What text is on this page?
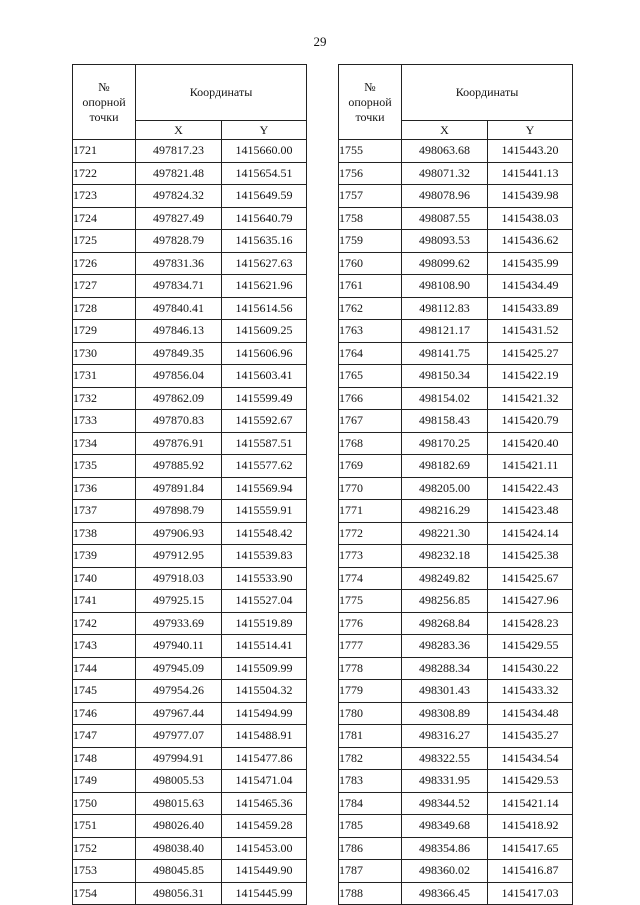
29
№
опорной
точки	Координаты	
	X	Y
1721	497817.23	1415660.00
1722	497821.48	1415654.51
1723	497824.32	1415649.59
1724	497827.49	1415640.79
1725	497828.79	1415635.16
1726	497831.36	1415627.63
1727	497834.71	1415621.96
1728	497840.41	1415614.56
1729	497846.13	1415609.25
1730	497849.35	1415606.96
1731	497856.04	1415603.41
1732	497862.09	1415599.49
1733	497870.83	1415592.67
1734	497876.91	1415587.51
1735	497885.92	1415577.62
1736	497891.84	1415569.94
1737	497898.79	1415559.91
1738	497906.93	1415548.42
1739	497912.95	1415539.83
1740	497918.03	1415533.90
1741	497925.15	1415527.04
1742	497933.69	1415519.89
1743	497940.11	1415514.41
1744	497945.09	1415509.99
1745	497954.26	1415504.32
1746	497967.44	1415494.99
1747	497977.07	1415488.91
1748	497994.91	1415477.86
1749	498005.53	1415471.04
1750	498015.63	1415465.36
1751	498026.40	1415459.28
1752	498038.40	1415453.00
1753	498045.85	1415449.90
1754	498056.31	1415445.99
№
опорной
точки	Координаты	
	X	Y
1755	498063.68	1415443.20
1756	498071.32	1415441.13
1757	498078.96	1415439.98
1758	498087.55	1415438.03
1759	498093.53	1415436.62
1760	498099.62	1415435.99
1761	498108.90	1415434.49
1762	498112.83	1415433.89
1763	498121.17	1415431.52
1764	498141.75	1415425.27
1765	498150.34	1415422.19
1766	498154.02	1415421.32
1767	498158.43	1415420.79
1768	498170.25	1415420.40
1769	498182.69	1415421.11
1770	498205.00	1415422.43
1771	498216.29	1415423.48
1772	498221.30	1415424.14
1773	498232.18	1415425.38
1774	498249.82	1415425.67
1775	498256.85	1415427.96
1776	498268.84	1415428.23
1777	498283.36	1415429.55
1778	498288.34	1415430.22
1779	498301.43	1415433.32
1780	498308.89	1415434.48
1781	498316.27	1415435.27
1782	498322.55	1415434.54
1783	498331.95	1415429.53
1784	498344.52	1415421.14
1785	498349.68	1415418.92
1786	498354.86	1415417.65
1787	498360.02	1415416.87
1788	498366.45	1415417.03
